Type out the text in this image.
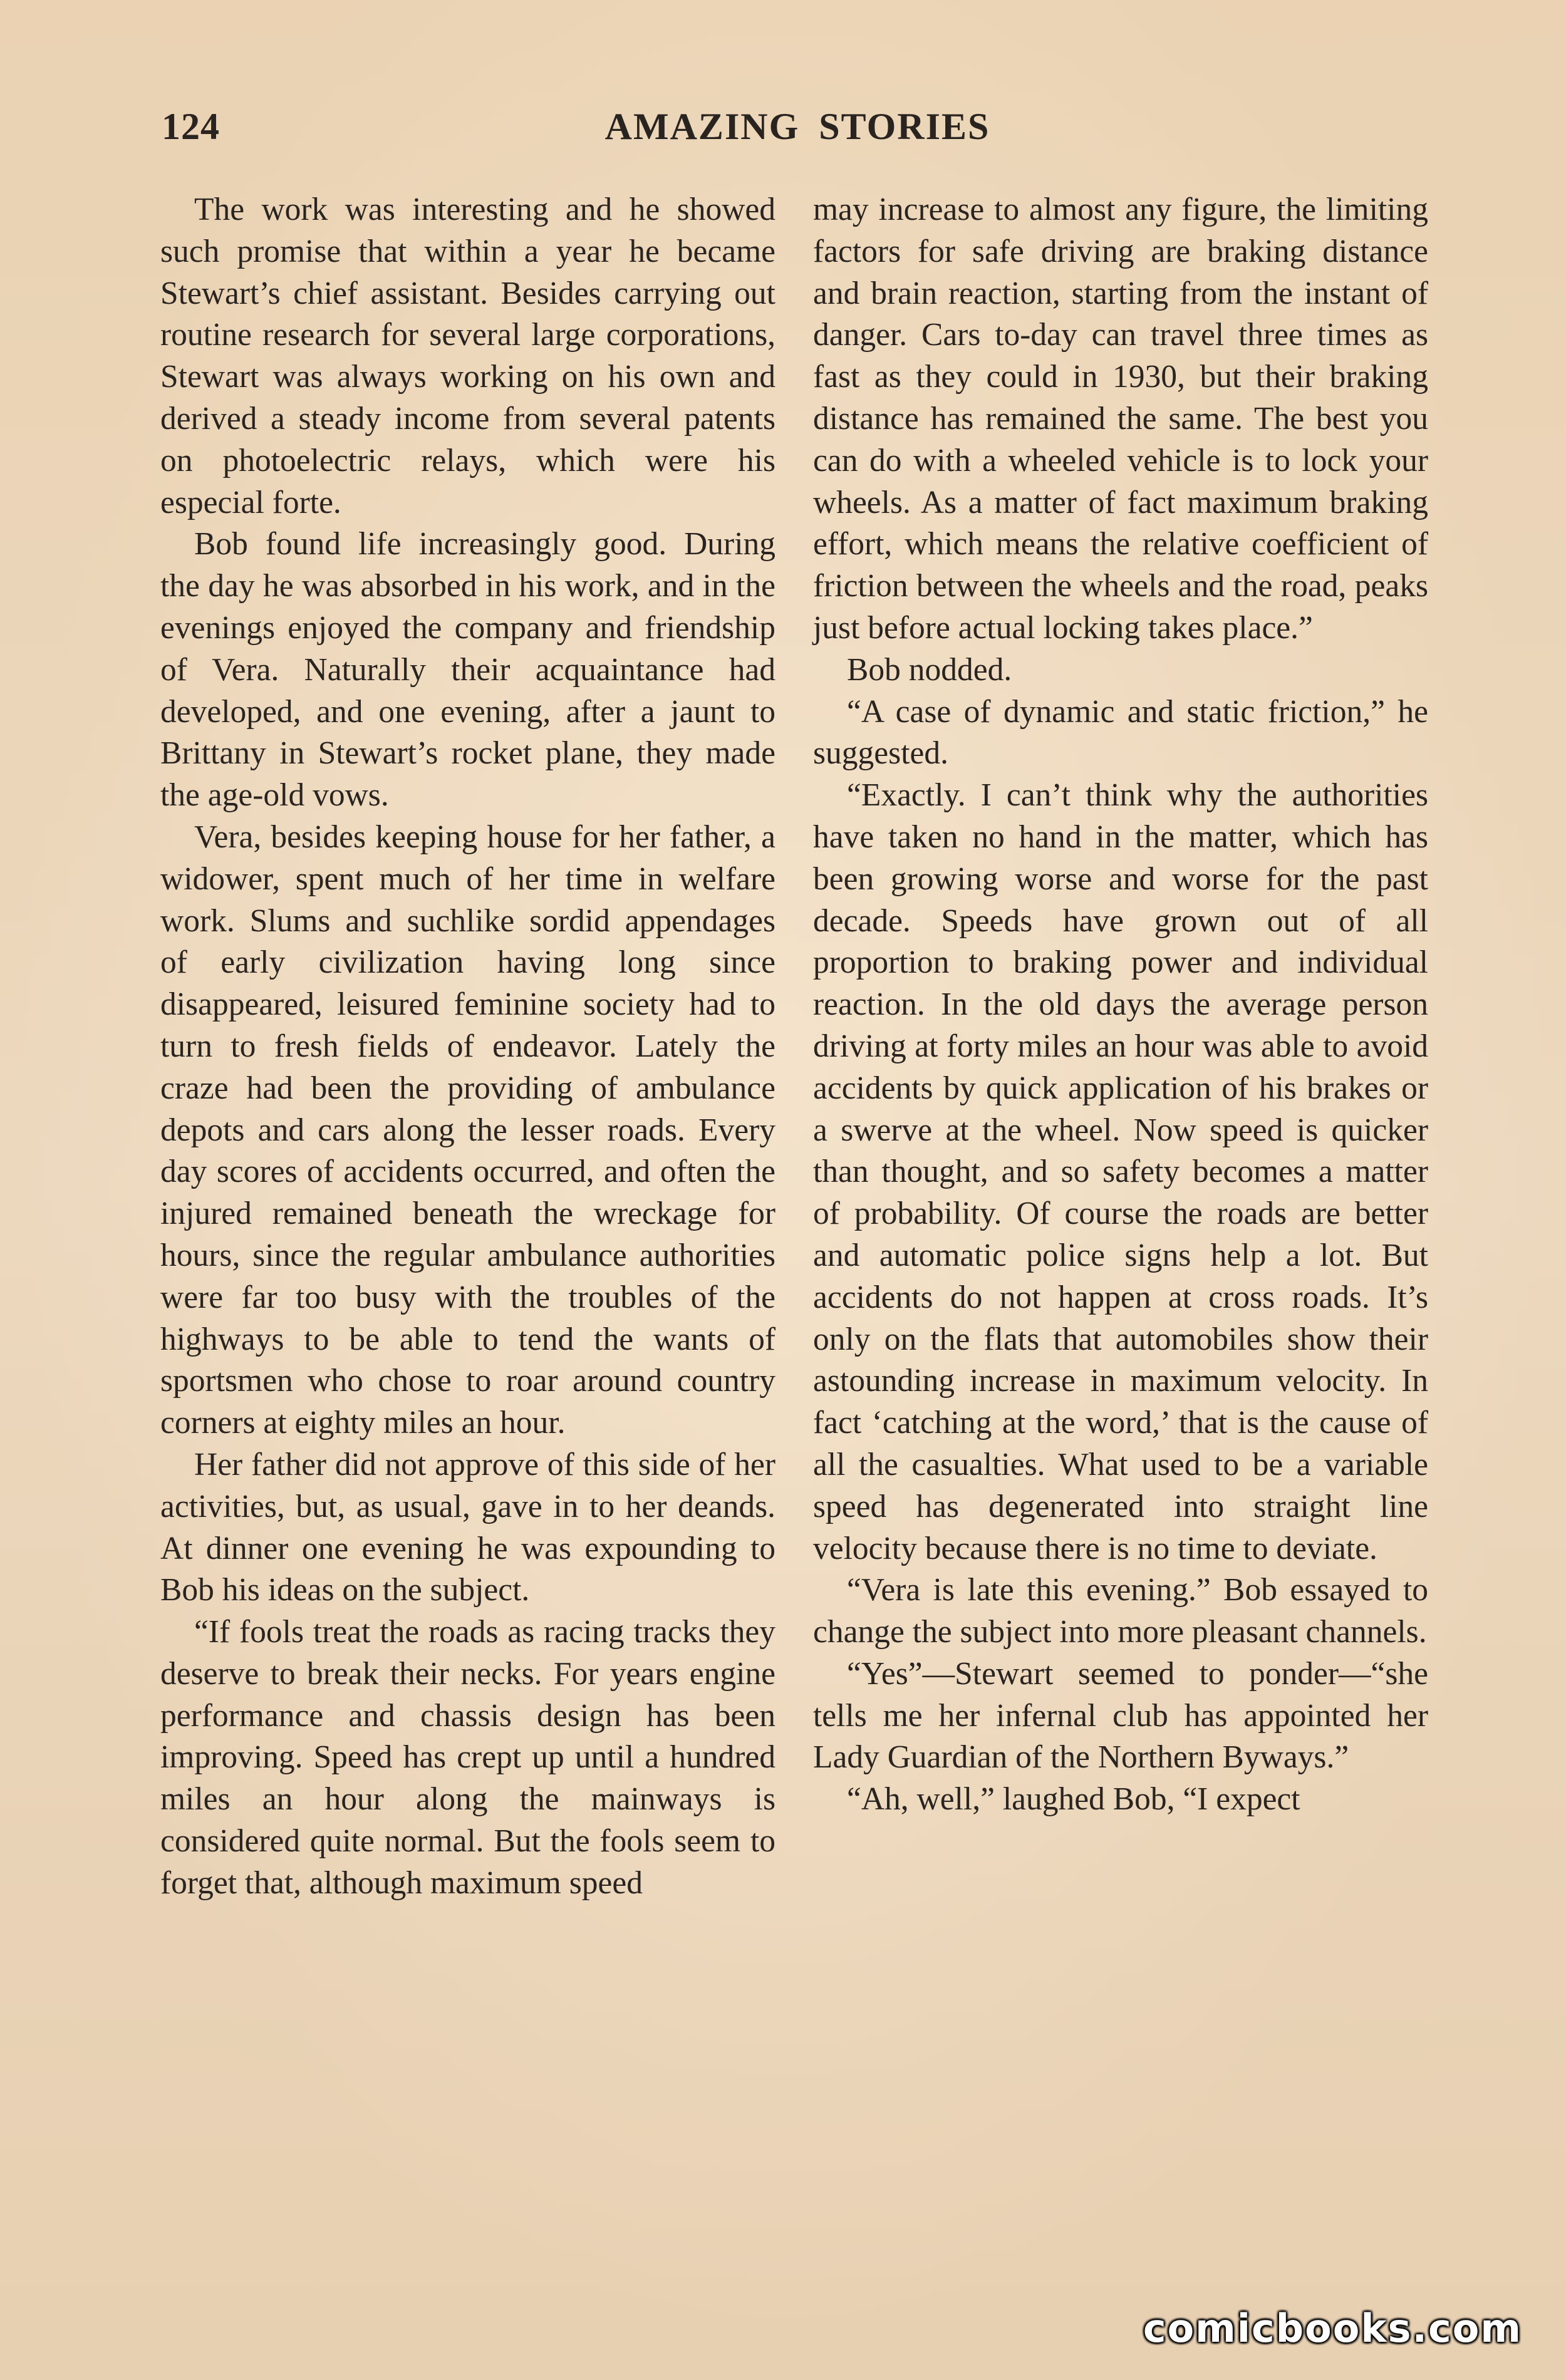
124	AMAZING STORIES

The work was interesting and he showed such promise that within a year he became Stewart’s chief assistant. Besides carrying out routine research for several large corporations, Stewart was always working on his own and derived a steady income from several patents on photoelectric relays, which were his especial forte.

Bob found life increasingly good. During the day he was absorbed in his work, and in the evenings enjoyed the company and friendship of Vera. Naturally their acquaintance had developed, and one evening, after a jaunt to Brittany in Stewart’s rocket plane, they made the age-old vows.

Vera, besides keeping house for her father, a widower, spent much of her time in welfare work. Slums and suchlike sordid appendages of early civilization having long since disappeared, leisured feminine society had to turn to fresh fields of endeavor. Lately the craze had been the providing of ambulance depots and cars along the lesser roads. Every day scores of accidents occurred, and often the injured remained beneath the wreckage for hours, since the regular ambulance authorities were far too busy with the troubles of the highways to be able to tend the wants of sportsmen who chose to roar around country corners at eighty miles an hour.

Her father did not approve of this side of her activities, but, as usual, gave in to her deands. At dinner one evening he was expounding to Bob his ideas on the subject.

“If fools treat the roads as racing tracks they deserve to break their necks. For years engine performance and chassis design has been improving. Speed has crept up until a hundred miles an hour along the mainways is considered quite normal. But the fools seem to forget that, although maximum speed

may increase to almost any figure, the limiting factors for safe driving are braking distance and brain reaction, starting from the instant of danger. Cars to-day can travel three times as fast as they could in 1930, but their braking distance has remained the same. The best you can do with a wheeled vehicle is to lock your wheels. As a matter of fact maximum braking effort, which means the relative coefficient of friction between the wheels and the road, peaks just before actual locking takes place.”

Bob nodded.

“A case of dynamic and static friction,” he suggested.

“Exactly. I can’t think why the authorities have taken no hand in the matter, which has been growing worse and worse for the past decade. Speeds have grown out of all proportion to braking power and individual reaction. In the old days the average person driving at forty miles an hour was able to avoid accidents by quick application of his brakes or a swerve at the wheel. Now speed is quicker than thought, and so safety becomes a matter of probability. Of course the roads are better and automatic police signs help a lot. But accidents do not happen at cross roads. It’s only on the flats that automobiles show their astounding increase in maximum velocity. In fact ‘catching at the word,’ that is the cause of all the casualties. What used to be a variable speed has degenerated into straight line velocity because there is no time to deviate.

“Vera is late this evening.” Bob essayed to change the subject into more pleasant channels.

“Yes”—Stewart seemed to ponder—“she tells me her infernal club has appointed her Lady Guardian of the Northern Byways.”

“Ah, well,” laughed Bob, “I expect

comicbooks.com
